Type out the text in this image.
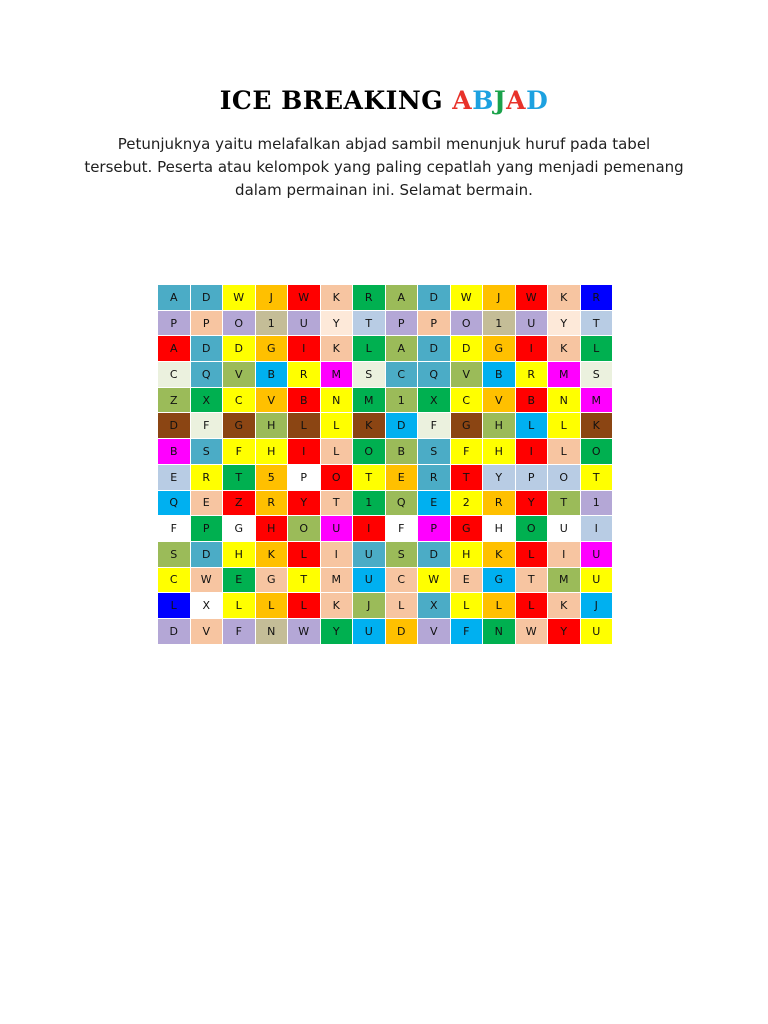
ICE BREAKING ABJAD

Petunjuknya yaitu melafalkan abjad sambil menunjuk huruf pada tabel
tersebut. Peserta atau kelompok yang paling cepatlah yang menjadi pemenang
dalam permainan ini. Selamat bermain.

A	D	W	J	W	K	R	A	D	W	J	W	K	R
P	P	O	1	U	Y	T	P	P	O	1	U	Y	T
A	D	D	G	I	K	L	A	D	D	G	I	K	L
C	Q	V	B	R	M	S	C	Q	V	B	R	M	S
Z	X	C	V	B	N	M	1	X	C	V	B	N	M
D	F	G	H	L	L	K	D	F	G	H	L	L	K
B	S	F	H	I	L	O	B	S	F	H	I	L	O
E	R	T	5	P	O	T	E	R	T	Y	P	O	T
Q	E	Z	R	Y	T	1	Q	E	2	R	Y	T	1
F	P	G	H	O	U	I	F	P	G	H	O	U	I
S	D	H	K	L	I	U	S	D	H	K	L	I	U
C	W	E	G	T	M	U	C	W	E	G	T	M	U
L	X	L	L	L	K	J	L	X	L	L	L	K	J
D	V	F	N	W	Y	U	D	V	F	N	W	Y	U
